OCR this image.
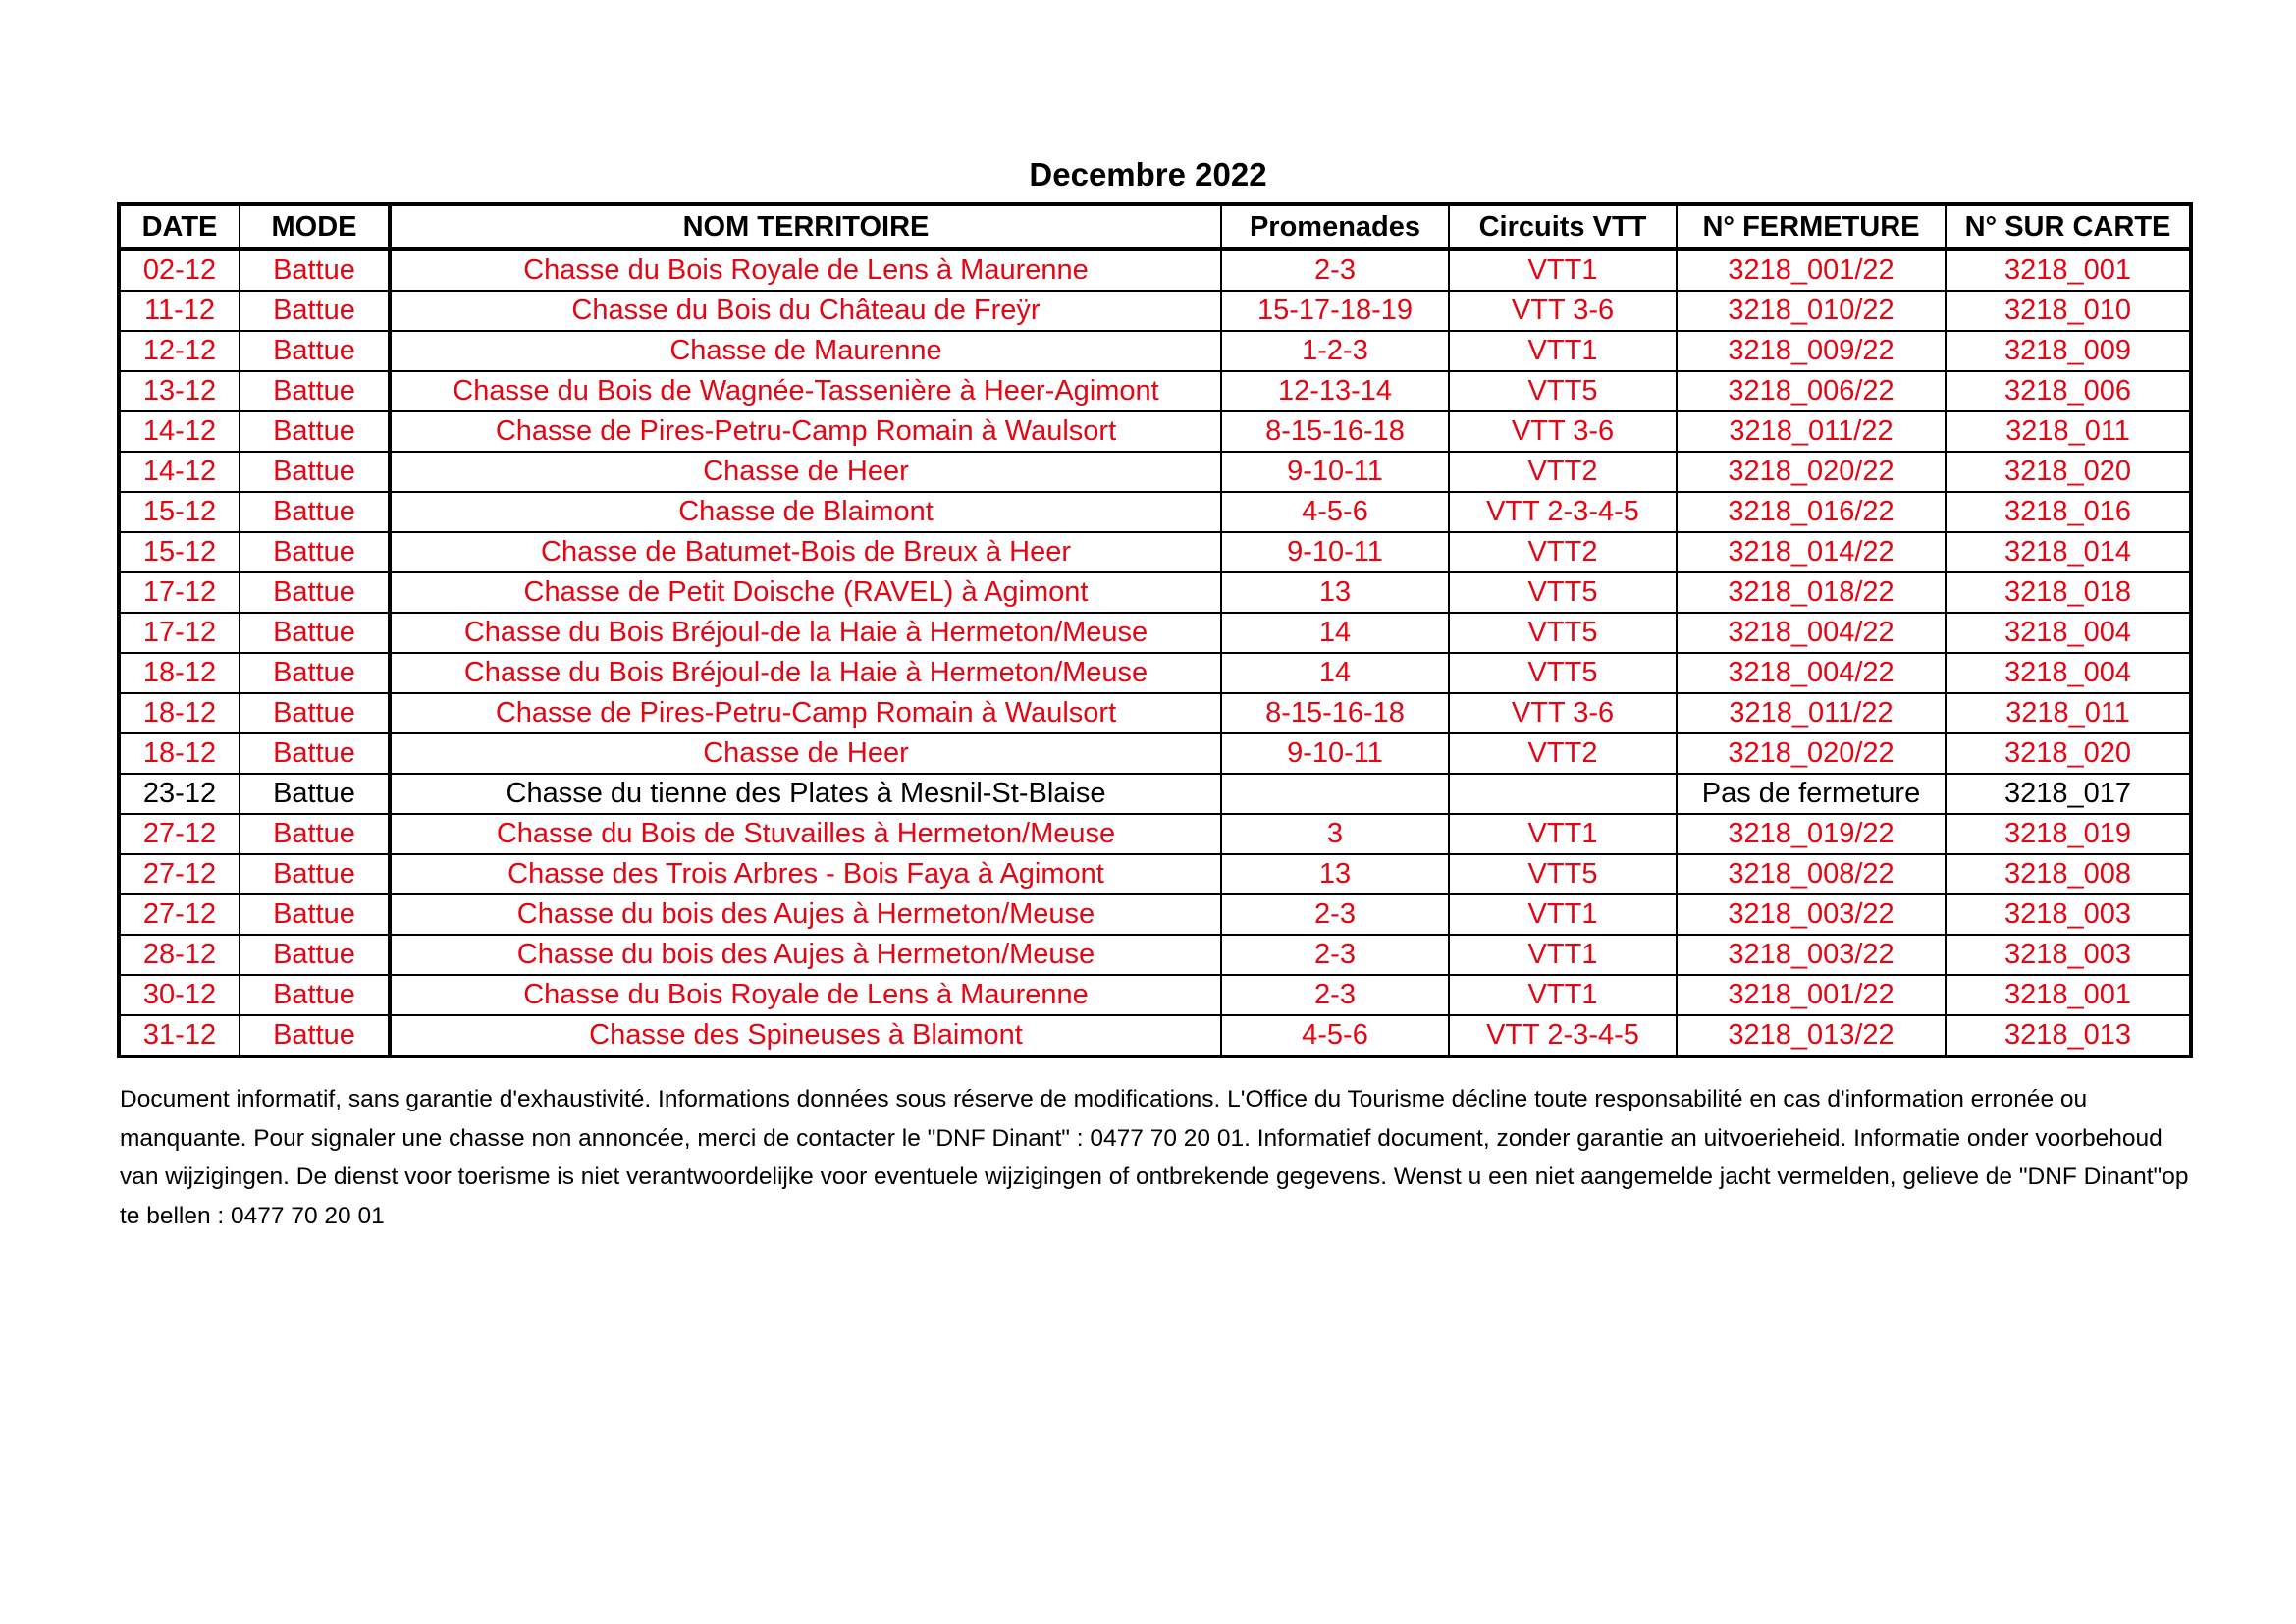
Decembre 2022
DATE	MODE	NOM TERRITOIRE	Promenades	Circuits VTT	N° FERMETURE	N° SUR CARTE
02-12	Battue	Chasse du Bois Royale de Lens à Maurenne	2-3	VTT1	3218_001/22	3218_001
11-12	Battue	Chasse du Bois du Château de Freÿr	15-17-18-19	VTT 3-6	3218_010/22	3218_010
12-12	Battue	Chasse de Maurenne	1-2-3	VTT1	3218_009/22	3218_009
13-12	Battue	Chasse du Bois de Wagnée-Tassenière à Heer-Agimont	12-13-14	VTT5	3218_006/22	3218_006
14-12	Battue	Chasse de Pires-Petru-Camp Romain à Waulsort	8-15-16-18	VTT 3-6	3218_011/22	3218_011
14-12	Battue	Chasse de Heer	9-10-11	VTT2	3218_020/22	3218_020
15-12	Battue	Chasse de Blaimont	4-5-6	VTT 2-3-4-5	3218_016/22	3218_016
15-12	Battue	Chasse de Batumet-Bois de Breux à Heer	9-10-11	VTT2	3218_014/22	3218_014
17-12	Battue	Chasse de Petit Doische (RAVEL) à Agimont	13	VTT5	3218_018/22	3218_018
17-12	Battue	Chasse du Bois Bréjoul-de la Haie à Hermeton/Meuse	14	VTT5	3218_004/22	3218_004
18-12	Battue	Chasse du Bois Bréjoul-de la Haie à Hermeton/Meuse	14	VTT5	3218_004/22	3218_004
18-12	Battue	Chasse de Pires-Petru-Camp Romain à Waulsort	8-15-16-18	VTT 3-6	3218_011/22	3218_011
18-12	Battue	Chasse de Heer	9-10-11	VTT2	3218_020/22	3218_020
23-12	Battue	Chasse du tienne des Plates à Mesnil-St-Blaise			Pas de fermeture	3218_017
27-12	Battue	Chasse du Bois de Stuvailles à Hermeton/Meuse	3	VTT1	3218_019/22	3218_019
27-12	Battue	Chasse des Trois Arbres - Bois Faya à Agimont	13	VTT5	3218_008/22	3218_008
27-12	Battue	Chasse du bois des Aujes à Hermeton/Meuse	2-3	VTT1	3218_003/22	3218_003
28-12	Battue	Chasse du bois des Aujes à Hermeton/Meuse	2-3	VTT1	3218_003/22	3218_003
30-12	Battue	Chasse du Bois Royale de Lens à Maurenne	2-3	VTT1	3218_001/22	3218_001
31-12	Battue	Chasse des Spineuses à Blaimont	4-5-6	VTT 2-3-4-5	3218_013/22	3218_013
Document informatif, sans garantie d'exhaustivité. Informations données sous réserve de modifications. L'Office du Tourisme décline toute responsabilité en cas d'information erronée ou manquante. Pour signaler une chasse non annoncée, merci de contacter le "DNF Dinant" : 0477 70 20 01. Informatief document, zonder garantie an uitvoerieheid. Informatie onder voorbehoud van wijzigingen. De dienst voor toerisme is niet verantwoordelijke voor eventuele wijzigingen of ontbrekende gegevens. Wenst u een niet aangemelde jacht vermelden, gelieve de "DNF Dinant"op te bellen : 0477 70 20 01
